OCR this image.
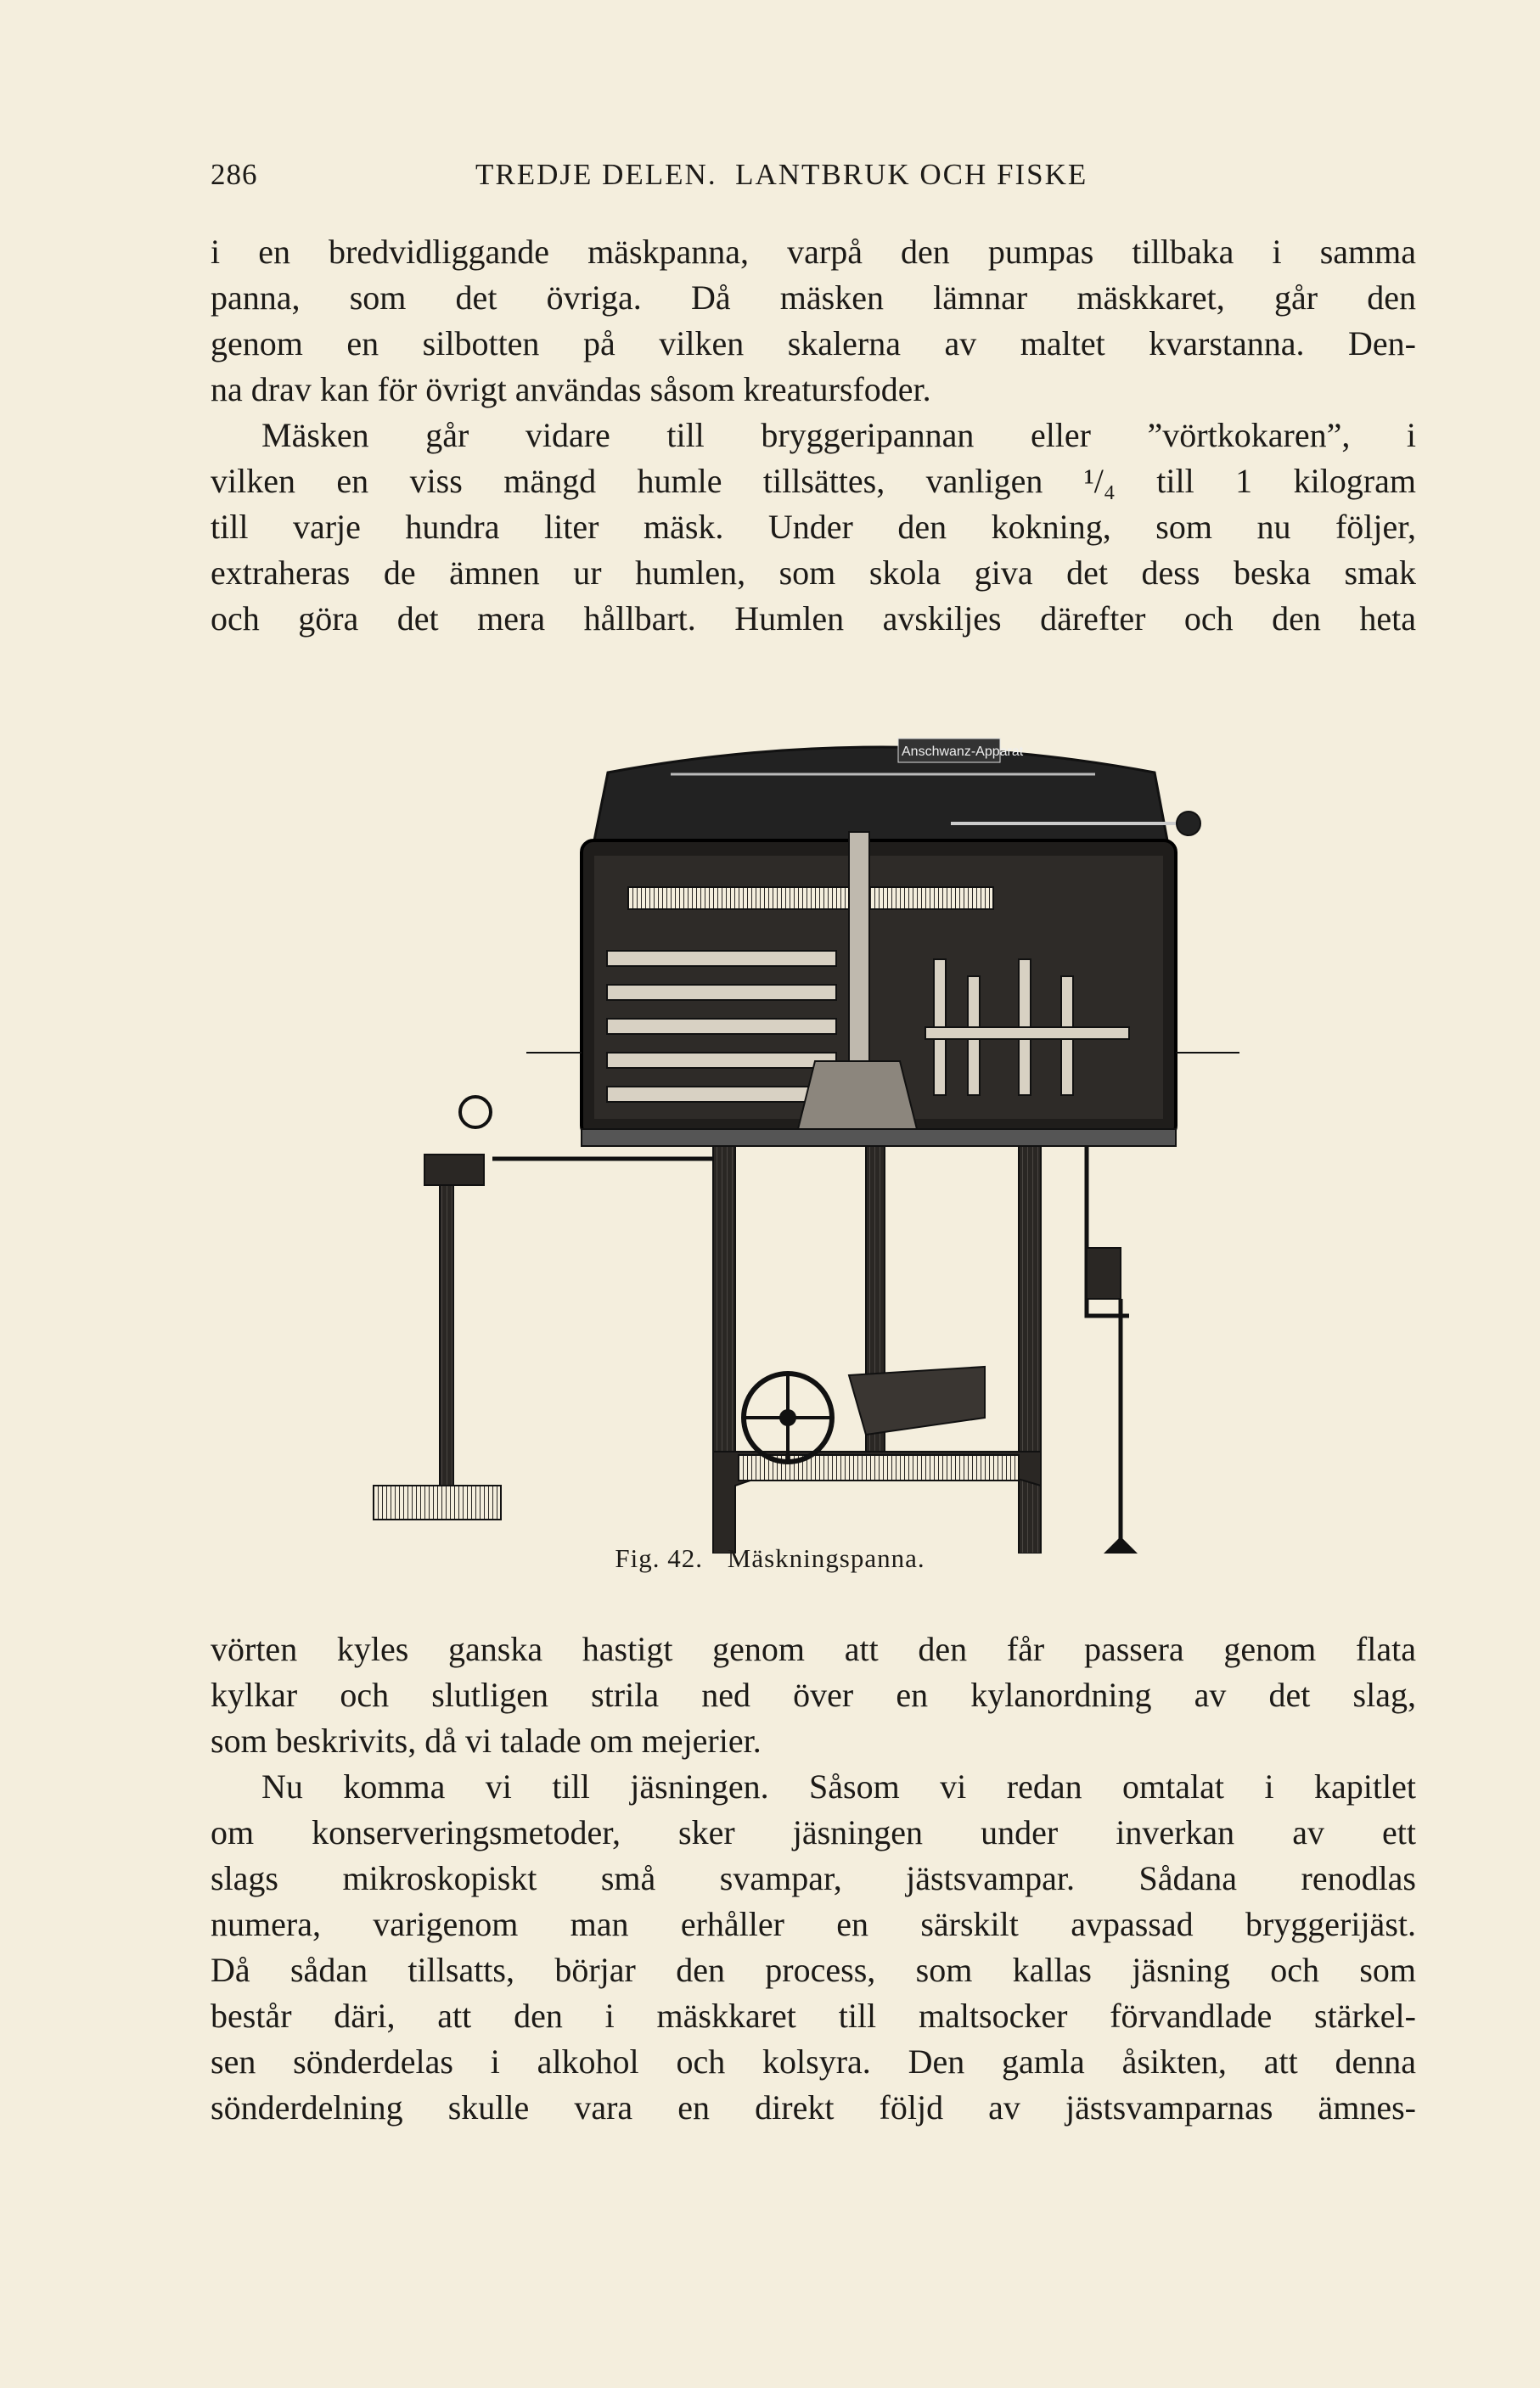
286	TREDJE DELEN.  LANTBRUK OCH FISKE
i en bredvidliggande mäskpanna, varpå den pumpas tillbaka i samma
panna, som det övriga. Då mäsken lämnar mäskkaret, går den
genom en silbotten på vilken skalerna av maltet kvarstanna. Den-
na drav kan för övrigt användas såsom kreatursfoder.
Mäsken går vidare till bryggeripannan eller ”vörtkokaren”, i
vilken en viss mängd humle tillsättes, vanligen ¹/₄ till 1 kilogram
till varje hundra liter mäsk. Under den kokning, som nu följer,
extraheras de ämnen ur humlen, som skola giva det dess beska smak
och göra det mera hållbart. Humlen avskiljes därefter och den heta
Anschwanz-Apparat
Fig. 42. Mäskningspanna.
vörten kyles ganska hastigt genom att den får passera genom flata
kylkar och slutligen strila ned över en kylanordning av det slag,
som beskrivits, då vi talade om mejerier.
Nu komma vi till jäsningen. Såsom vi redan omtalat i kapitlet
om konserveringsmetoder, sker jäsningen under inverkan av ett
slags mikroskopiskt små svampar, jästsvampar. Sådana renodlas
numera, varigenom man erhåller en särskilt avpassad bryggerijäst.
Då sådan tillsatts, börjar den process, som kallas jäsning och som
består däri, att den i mäskkaret till maltsocker förvandlade stärkel-
sen sönderdelas i alkohol och kolsyra. Den gamla åsikten, att denna
sönderdelning skulle vara en direkt följd av jästsvamparnas ämnes-
